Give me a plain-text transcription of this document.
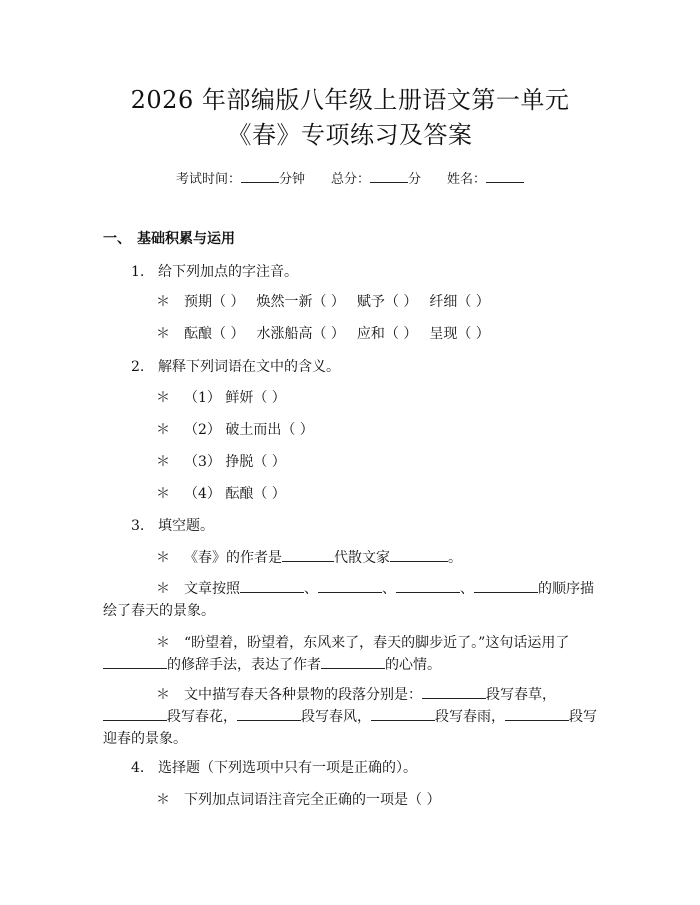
2026 年部编版八年级上册语文第一单元
《春》专项练习及答案
考试时间：	分钟 总分：	分 姓名：
一、 基础积累与运用
1. 给下列加点的字注音。
＊ 预期（ ） 焕然一新（ ） 赋予（ ） 纤细（ ）
＊ 酝酿（ ） 水涨船高（ ） 应和（ ） 呈现（ ）
2. 解释下列词语在文中的含义。
＊ （1） 鲜妍（ ）
＊ （2） 破土而出（ ）
＊ （3） 挣脱（ ）
＊ （4） 酝酿（ ）
3. 填空题。
＊ 《春》的作者是	代散文家	。
＊ 文章按照	、	、	、	的顺序描绘了春天的景象。
＊ “盼望着，盼望着，东风来了，春天的脚步近了。”这句话运用了的修辞手法，表达了作者	的心情。
＊ 文中描写春天各种景物的段落分别是：	段写春草，段写春花，	段写春风，	段写春雨，	段写迎春的景象。
4. 选择题（下列选项中只有一项是正确的）。
＊ 下列加点词语注音完全正确的一项是（ ）
